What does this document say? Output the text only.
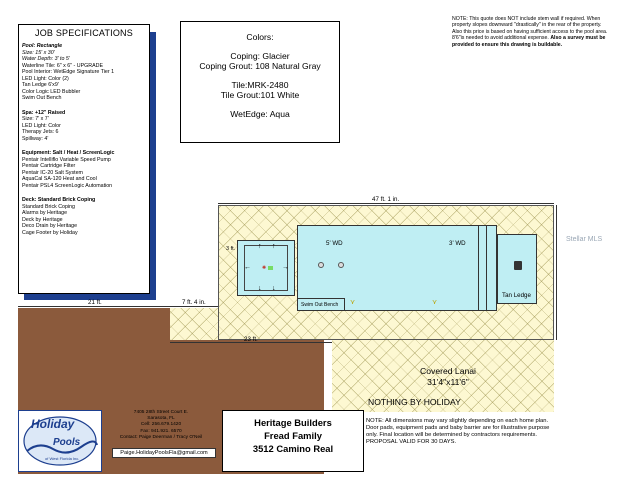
JOB SPECIFICATIONS
Pool: Rectangle
Size: 15' x 30'
Water Depth: 3' to 5'
Waterline Tile: 6" x 6" - UPGRADE
Pool Interior: WetEdge Signature Tier 1
LED Light: Color (2)
Tan Ledge 6'x9'
Color Logic LED Bubbler
Swim Out Bench
Spa: +12" Raised
Size: 7' x 7'
LED Light: Color
Therapy Jets: 6
Spillway: 4'
Equipment: Salt / Heat / ScreenLogic
Pentair Intelliflo Variable Speed Pump
Pentair Cartridge Filter
Pentair IC-20 Salt System
AquaCal SA-120 Heat and Cool
Pentair PSL4 ScreenLogic Automation
Deck: Standard Brick Coping
Standard Brick Coping
Alarms by Heritage
Deck by Heritage
Deco Drain by Heritage
Cage Footer by Holiday
Colors:
Coping: Glacier
Coping Grout: 108 Natural Gray
Tile:MRK-2480
Tile Grout:101 White
WetEdge: Aqua
NOTE: This quote does NOT include stem wall if required. When property slopes downward "drastically" in the rear of the property. Also this price is based on having sufficient access to the pool area. 8'6"is needed to avoid additional expense. Also a survey must be provided to ensure this drawing is buildable.
↑ ↑
↓ ↓
←	→
✺
⋎	⋎
5' WD	3' WD
Swim Out Bench
Tan Ledge
3 ft.
47 ft. 1 in.
21 ft.	7 ft. 4 in.
23 ft.
Covered Lanai
31'4"x11'6"
NOTHING BY HOLIDAY
Stellar MLS
Holiday
Pools
of West Florida Inc.
7405 28th Street Court E.
Sarasota, FL
Cell: 256.679.1420
Fax: 941.921. 6570
Contact: Paige Deerman / Tracy O'Neil
Paige.HolidayPoolsFla@gmail.com
Heritage Builders
Fread Family
3512 Camino Real
NOTE: All dimensions may vary slightly depending on each home plan. Door pads, equipment pads and baby barrier are for illustrative purpose only. Final location will be determined by contractors requirements. PROPOSAL VALID FOR 30 DAYS.
